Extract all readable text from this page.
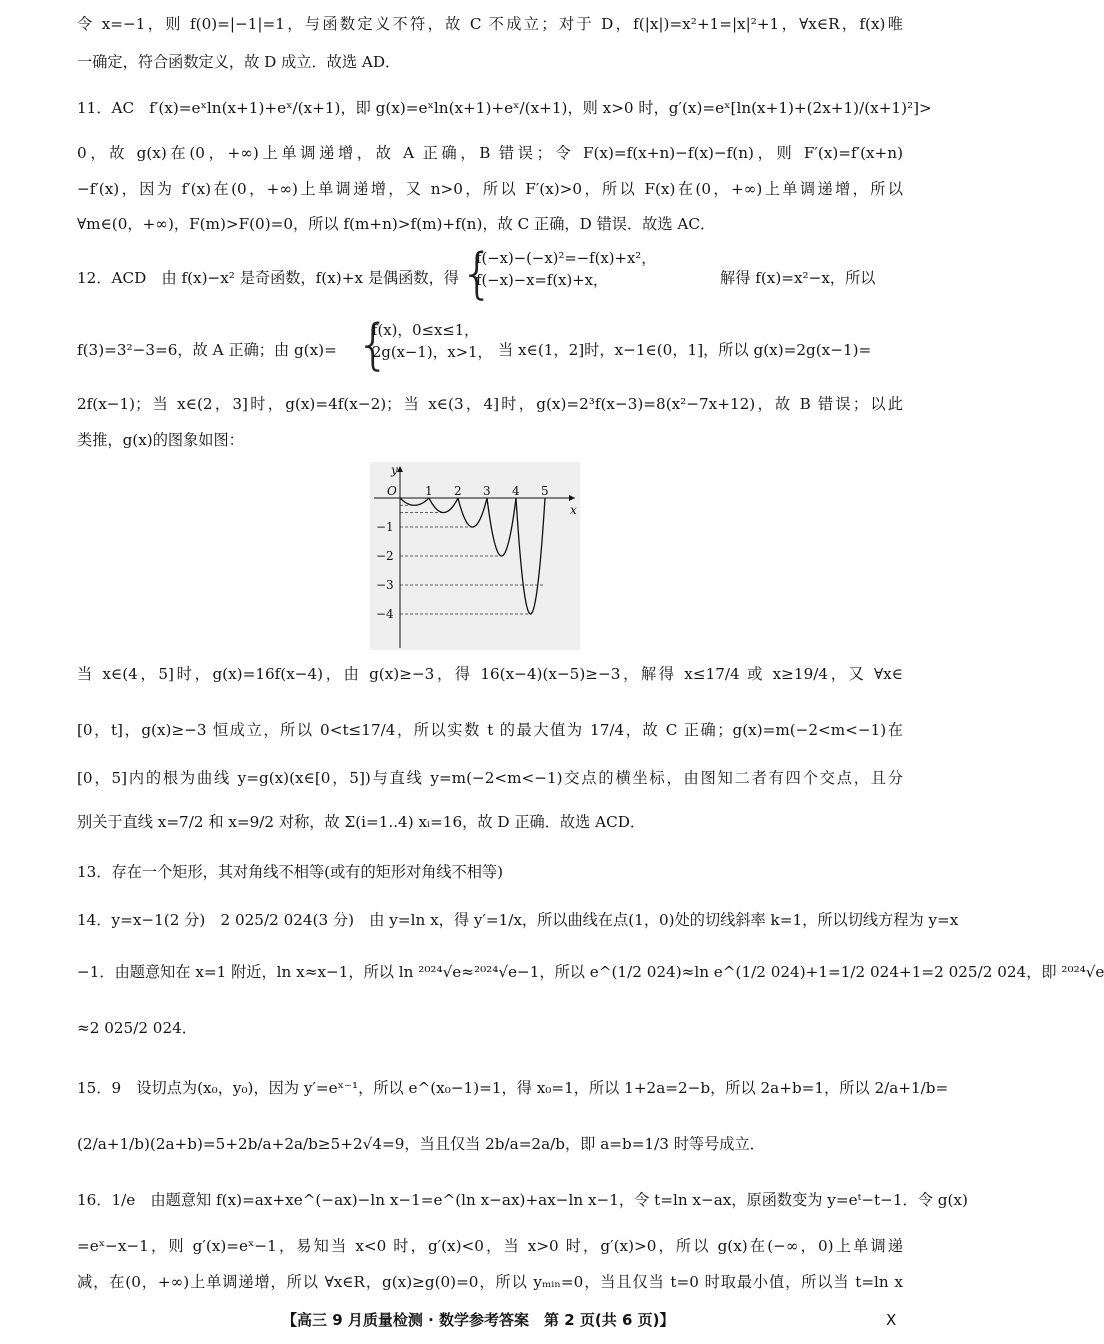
令 x=−1，则 f(0)=|−1|=1，与函数定义不符，故 C 不成立；对于 D，f(|x|)=x²+1=|x|²+1，∀x∈R，f(x)唯
一确定，符合函数定义，故 D 成立．故选 AD．
11．AC　f′(x)=eˣln(x+1)+eˣ/(x+1)，即 g(x)=eˣln(x+1)+eˣ/(x+1)，则 x>0 时，g′(x)=eˣ[ln(x+1)+(2x+1)/(x+1)²]>
0，故 g(x)在(0，+∞)上单调递增，故 A 正确，B 错误；令 F(x)=f(x+n)−f(x)−f(n)，则 F′(x)=f′(x+n)
−f′(x)，因为 f′(x)在(0，+∞)上单调递增，又 n>0，所以 F′(x)>0，所以 F(x)在(0，+∞)上单调递增，所以
∀m∈(0，+∞)，F(m)>F(0)=0，所以 f(m+n)>f(m)+f(n)，故 C 正确，D 错误．故选 AC．
12．ACD　由 f(x)−x² 是奇函数，f(x)+x 是偶函数，得 {
f(−x)−(−x)²=−f(x)+x²，
f(−x)−x=f(x)+x，	解得 f(x)=x²−x，所以
f(3)=3²−3=6，故 A 正确；由 g(x)= {
f(x)，0≤x≤1，
2g(x−1)，x>1， 当 x∈(1，2]时，x−1∈(0，1]，所以 g(x)=2g(x−1)=
2f(x−1)；当 x∈(2，3]时，g(x)=4f(x−2)；当 x∈(3，4]时，g(x)=2³f(x−3)=8(x²−7x+12)，故 B 错误；以此
类推，g(x)的图象如图：
y
x
O 1 2 3 4 5
−1
−2
−3
−4
当 x∈(4，5]时，g(x)=16f(x−4)，由 g(x)≥−3，得 16(x−4)(x−5)≥−3，解得 x≤17/4 或 x≥19/4，又 ∀x∈
[0，t]，g(x)≥−3 恒成立，所以 0<t≤17/4，所以实数 t 的最大值为 17/4，故 C 正确；g(x)=m(−2<m<−1)在
[0，5]内的根为曲线 y=g(x)(x∈[0，5])与直线 y=m(−2<m<−1)交点的横坐标，由图知二者有四个交点，且分
别关于直线 x=7/2 和 x=9/2 对称，故 Σ(i=1..4) xᵢ=16，故 D 正确．故选 ACD．
13．存在一个矩形，其对角线不相等(或有的矩形对角线不相等)
14．y=x−1(2 分)　2 025/2 024(3 分)　由 y=ln x，得 y′=1/x，所以曲线在点(1，0)处的切线斜率 k=1，所以切线方程为 y=x
−1．由题意知在 x=1 附近，ln x≈x−1，所以 ln ²⁰²⁴√e≈²⁰²⁴√e−1，所以 e^(1/2 024)≈ln e^(1/2 024)+1=1/2 024+1=2 025/2 024，即 ²⁰²⁴√e
≈2 025/2 024．
15．9　设切点为(x₀，y₀)，因为 y′=eˣ⁻¹，所以 e^(x₀−1)=1，得 x₀=1，所以 1+2a=2−b，所以 2a+b=1，所以 2/a+1/b=
(2/a+1/b)(2a+b)=5+2b/a+2a/b≥5+2√4=9，当且仅当 2b/a=2a/b，即 a=b=1/3 时等号成立．
16．1/e　由题意知 f(x)=ax+xe^(−ax)−ln x−1=e^(ln x−ax)+ax−ln x−1，令 t=ln x−ax，原函数变为 y=eᵗ−t−1．令 g(x)
=eˣ−x−1，则 g′(x)=eˣ−1，易知当 x<0 时，g′(x)<0，当 x>0 时，g′(x)>0，所以 g(x)在(−∞，0)上单调递
减，在(0，+∞)上单调递增，所以 ∀x∈R，g(x)≥g(0)=0，所以 yₘᵢₙ=0，当且仅当 t=0 时取最小值，所以当 t=ln x
【高三 9 月质量检测 · 数学参考答案　第 2 页(共 6 页)】	X
